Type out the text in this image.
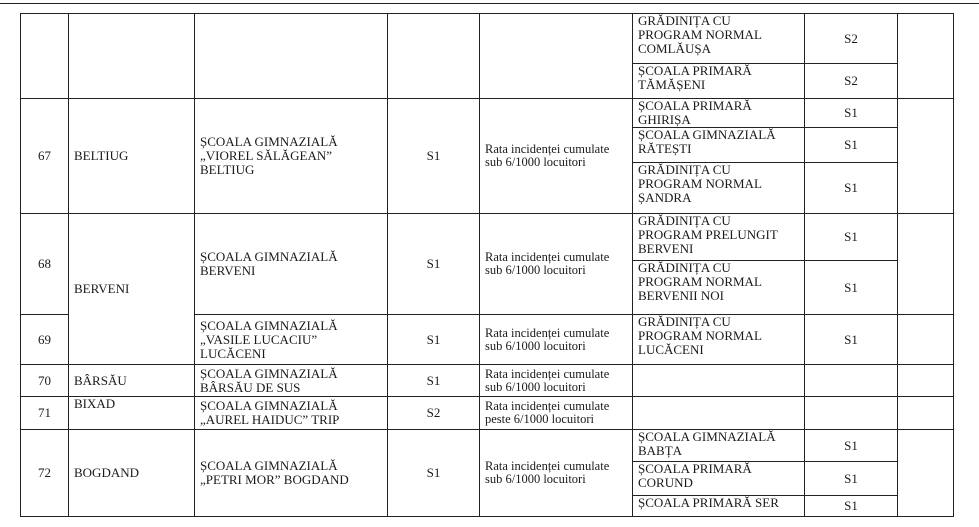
					GRĂDINIȚA CU
PROGRAM NORMAL
COMLĂUȘA	S2	

					ȘCOALA PRIMARĂ
TĂMĂȘENI	S2	
67	BELTIUG	ȘCOALA GIMNAZIALĂ
„VIOREL SĂLĂGEAN”
BELTIUG	S1	Rata incidenței cumulate
sub 6/1000 locuitori	ȘCOALA PRIMARĂ
GHIRIȘA	S1	

					ȘCOALA GIMNAZIALĂ
RĂTEȘTI	S1	

					GRĂDINIȚA CU
PROGRAM NORMAL
ȘANDRA	S1	
68	BERVENI	ȘCOALA GIMNAZIALĂ
BERVENI	S1	Rata incidenței cumulate
sub 6/1000 locuitori	GRĂDINIȚA CU
PROGRAM PRELUNGIT
BERVENI	S1	

					GRĂDINIȚA CU
PROGRAM NORMAL
BERVENII NOI	S1	
69		ȘCOALA GIMNAZIALĂ
„VASILE LUCACIU”
LUCĂCENI	S1	Rata incidenței cumulate
sub 6/1000 locuitori	GRĂDINIȚA CU
PROGRAM NORMAL
LUCĂCENI	S1	
70	BÂRSĂU	ȘCOALA GIMNAZIALĂ
BÂRSĂU DE SUS	S1	Rata incidenței cumulate
sub 6/1000 locuitori			

71	BIXAD	ȘCOALA GIMNAZIALĂ
„AUREL HAIDUC” TRIP	S2	Rata incidenței cumulate
peste 6/1000 locuitori			

72	BOGDAND	ȘCOALA GIMNAZIALĂ
„PETRI MOR” BOGDAND	S1	Rata incidenței cumulate
sub 6/1000 locuitori	ȘCOALA GIMNAZIALĂ
BABȚA	S1	

					ȘCOALA PRIMARĂ
CORUND	S1	

					ȘCOALA PRIMARĂ SER	S1	
